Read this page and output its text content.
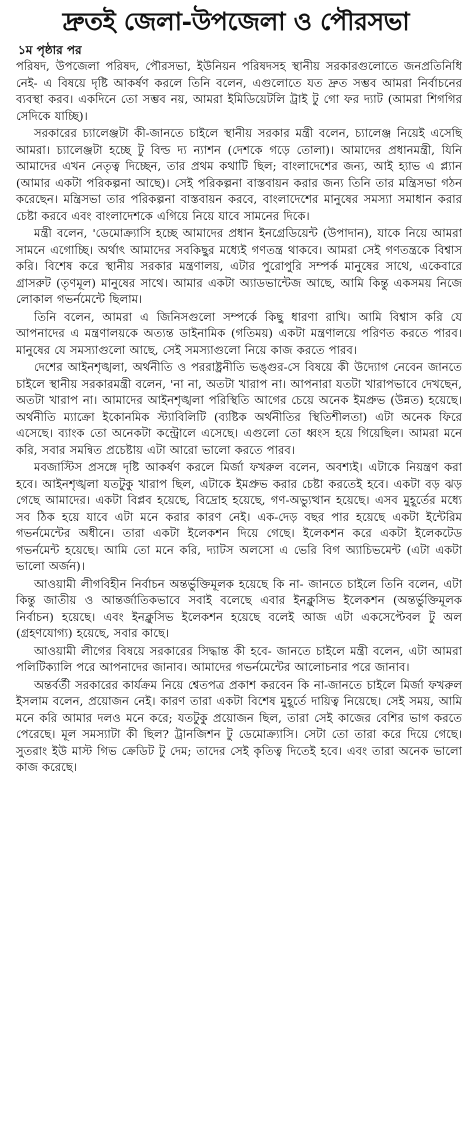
দ্রুতই জেলা-উপজেলা ও পৌরসভা
১ম পৃষ্ঠার পর

পরিষদ, উপজেলা পরিষদ, পৌরসভা, ইউনিয়ন পরিষদসহ স্থানীয় সরকারগুলোতে জনপ্রতিনিধি নেই- এ বিষয়ে দৃষ্টি আকর্ষণ করলে তিনি বলেন, এগুলোতে যত দ্রুত সম্ভব আমরা নির্বাচনের ব্যবস্থা করব। একদিনে তো সম্ভব নয়, আমরা ইমিডিয়েটলি ট্রাই টু গো ফর দ্যাট (আমরা শিগগির সেদিকে যাচ্ছি)।

সরকারের চ্যালেঞ্জটা কী-জানতে চাইলে স্থানীয় সরকার মন্ত্রী বলেন, চ্যালেঞ্জ নিয়েই এসেছি আমরা। চ্যালেঞ্জটা হচ্ছে টু বিল্ড দ্য ন্যাশন (দেশকে গড়ে তোলা)। আমাদের প্রধানমন্ত্রী, যিনি আমাদের এখন নেতৃত্ব দিচ্ছেন, তার প্রথম কথাটি ছিল; বাংলাদেশের জন্য, আই হ্যাভ এ প্ল্যান (আমার একটা পরিকল্পনা আছে)। সেই পরিকল্পনা বাস্তবায়ন করার জন্য তিনি তার মন্ত্রিসভা গঠন করেছেন। মন্ত্রিসভা তার পরিকল্পনা বাস্তবায়ন করবে, বাংলাদেশের মানুষের সমস্যা সমাধান করার চেষ্টা করবে এবং বাংলাদেশকে এগিয়ে নিয়ে যাবে সামনের দিকে।

মন্ত্রী বলেন, 'ডেমোক্র্যাসি হচ্ছে আমাদের প্রধান ইনগ্রেডিয়েন্ট (উপাদান), যাকে নিয়ে আমরা সামনে এগোচ্ছি। অর্থাৎ আমাদের সবকিছুর মধ্যেই গণতন্ত্র থাকবে। আমরা সেই গণতন্ত্রকে বিশ্বাস করি। বিশেষ করে স্থানীয় সরকার মন্ত্রণালয়, এটার পুরোপুরি সম্পর্ক মানুষের সাথে, একেবারে গ্রাসরুট (তৃণমূল) মানুষের সাথে। আমার একটা অ্যাডভান্টেজ আছে, আমি কিন্তু একসময় নিজে লোকাল গভর্নমেন্টে ছিলাম।

তিনি বলেন, আমরা এ জিনিসগুলো সম্পর্কে কিছু ধারণা রাখি। আমি বিশ্বাস করি যে আপনাদের এ মন্ত্রণালয়কে অত্যন্ত ডাইনামিক (গতিময়) একটা মন্ত্রণালয়ে পরিণত করতে পারব। মানুষের যে সমস্যাগুলো আছে, সেই সমস্যাগুলো নিয়ে কাজ করতে পারব।

দেশের আইনশৃঙ্খলা, অর্থনীতি ও পররাষ্ট্রনীতি ভঙ্গুর-সে বিষয়ে কী উদ্যোগ নেবেন জানতে চাইলে স্থানীয় সরকারমন্ত্রী বলেন, 'না না, অতটা খারাপ না। আপনারা যতটা খারাপভাবে দেখছেন, অতটা খারাপ না। আমাদের আইনশৃঙ্খলা পরিস্থিতি আগের চেয়ে অনেক ইমপ্রুভ (উন্নত) হয়েছে। অর্থনীতি ম্যাক্রো ইকোনমিক স্ট্যাবিলিটি (ব্যষ্টিক অর্থনীতির স্থিতিশীলতা) এটা অনেক ফিরে এসেছে। ব্যাংক তো অনেকটা কন্ট্রোলে এসেছে। এগুলো তো ধ্বংস হয়ে গিয়েছিল। আমরা মনে করি, সবার সমন্বিত প্রচেষ্টায় এটা আরো ভালো করতে পারব।

মবজাস্টিস প্রসঙ্গে দৃষ্টি আকর্ষণ করলে মির্জা ফখরুল বলেন, অবশ্যই। এটাকে নিয়ন্ত্রণ করা হবে। আইনশৃঙ্খলা যতটুকু খারাপ ছিল, এটাকে ইমপ্রুভ করার চেষ্টা করতেই হবে। একটা বড় ঝড় গেছে আমাদের। একটা বিপ্লব হয়েছে, বিদ্রোহ হয়েছে, গণ-অভ্যুত্থান হয়েছে। এসব মুহূর্তের মধ্যে সব ঠিক হয়ে যাবে এটা মনে করার কারণ নেই। এক-দেড় বছর পার হয়েছে একটা ইন্টেরিম গভর্নমেন্টের অধীনে। তারা একটা ইলেকশন দিয়ে গেছে। ইলেকশন করে একটা ইলেকটেড গভর্নমেন্ট হয়েছে। আমি তো মনে করি, দ্যাটস অলসো এ ভেরি বিগ অ্যাচিভমেন্ট (এটা একটা ভালো অর্জন)।

আওয়ামী লীগবিহীন নির্বাচন অন্তর্ভুক্তিমূলক হয়েছে কি না- জানতে চাইলে তিনি বলেন, এটা কিন্তু জাতীয় ও আন্তর্জাতিকভাবে সবাই বলেছে এবার ইনক্লুসিভ ইলেকশন (অন্তর্ভুক্তিমূলক নির্বাচন) হয়েছে। এবং ইনক্লুসিভ ইলেকশন হয়েছে বলেই আজ এটা একসেপ্টেবল টু অল (গ্রহণযোগ্য) হয়েছে, সবার কাছে।

আওয়ামী লীগের বিষয়ে সরকারের সিদ্ধান্ত কী হবে- জানতে চাইলে মন্ত্রী বলেন, এটা আমরা পলিটিক্যালি পরে আপনাদের জানাব। আমাদের গভর্নমেন্টের আলোচনার পরে জানাব।

অন্তর্বর্তী সরকারের কার্যক্রম নিয়ে শ্বেতপত্র প্রকাশ করবেন কি না-জানতে চাইলে মির্জা ফখরুল ইসলাম বলেন, প্রয়োজন নেই। কারণ তারা একটা বিশেষ মুহূর্তে দায়িত্ব নিয়েছে। সেই সময়, আমি মনে করি আমার দলও মনে করে; যতটুকু প্রয়োজন ছিল, তারা সেই কাজের বেশির ভাগ করতে পেরেছে। মূল সমস্যাটা কী ছিল? ট্রানজিশন টু ডেমোক্র্যাসি। সেটা তো তারা করে দিয়ে গেছে। সুতরাং ইউ মাস্ট গিভ ক্রেডিট টু দেম; তাদের সেই কৃতিত্ব দিতেই হবে। এবং তারা অনেক ভালো কাজ করেছে।
